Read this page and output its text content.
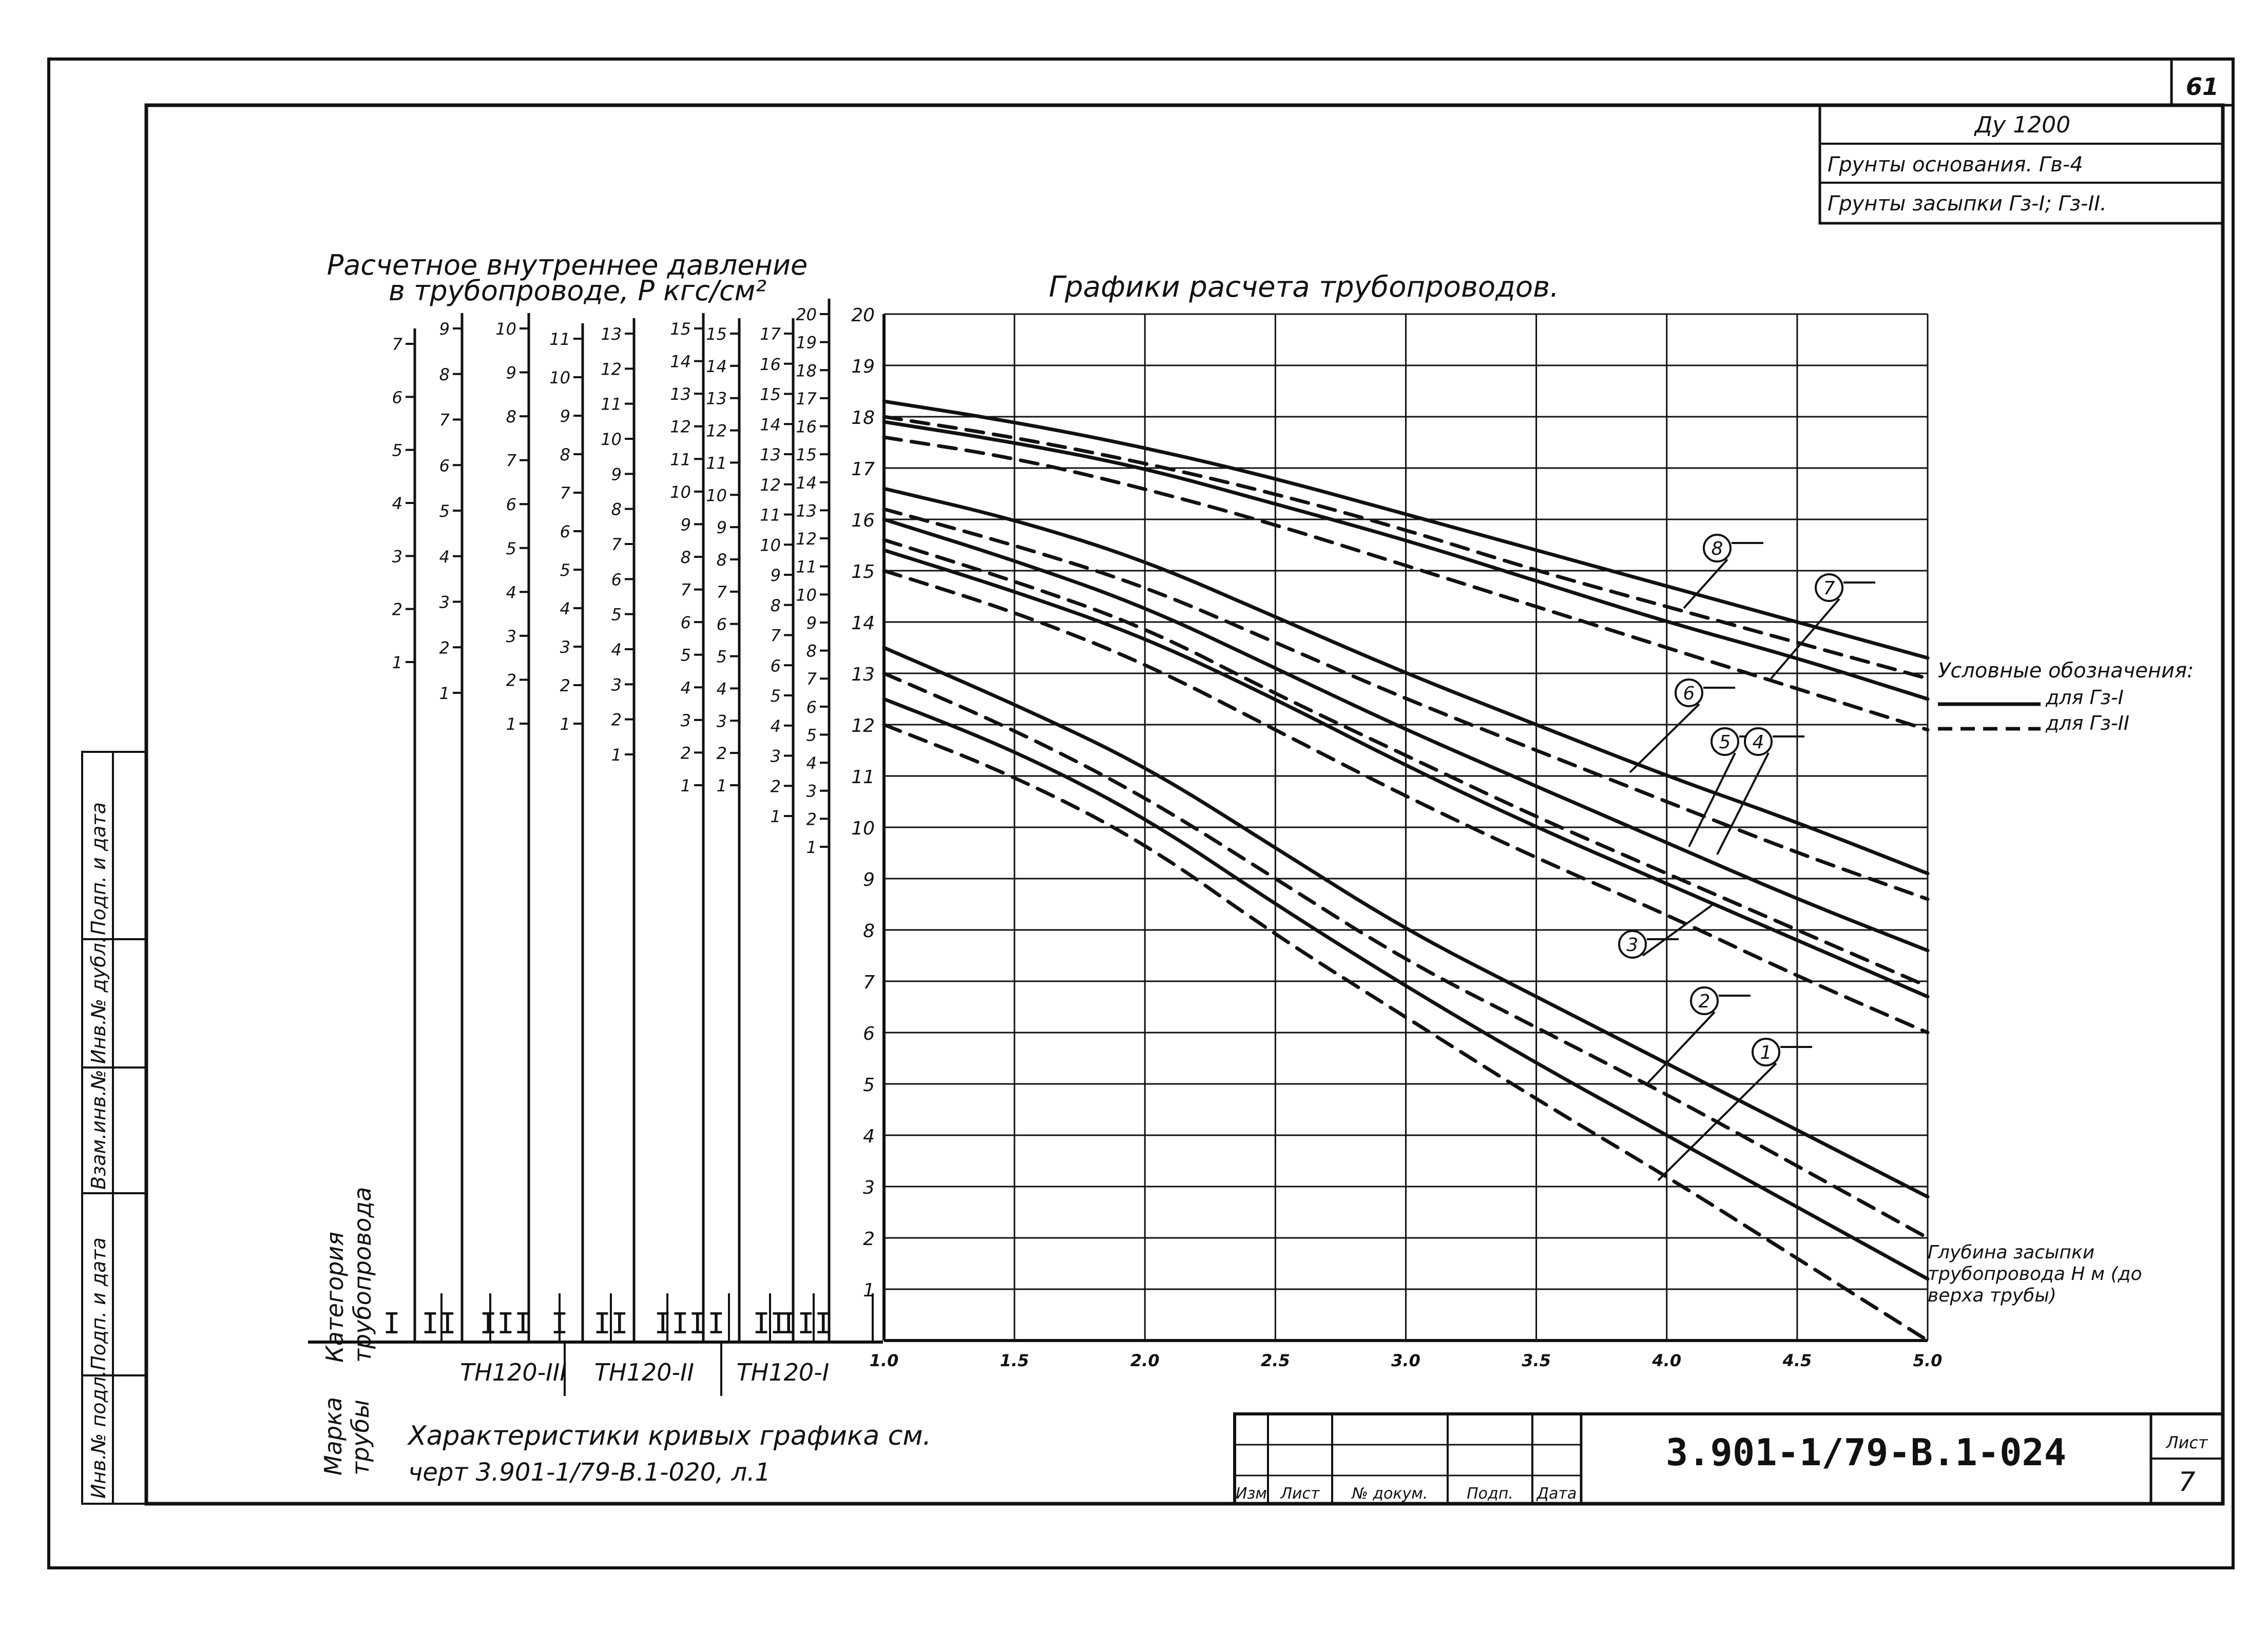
61
Ду 1200
Грунты основания. Гв-4
Грунты засыпки Гз-I; Гз-II.
Инв.№ подл.
Подп. и дата
Взам.инв.№
Инв.№ дубл.
Подп. и дата
Расчетное внутреннее давление
в трубопроводе, P кгс/cм²
Категория трубопровода
Марка трубы
1
2
3
4
5
6
7
I
1
2
3
4
5
6
7
8
9
II
1
2
3
4
5
6
7
8
9
10
III
1
2
3
4
5
6
7
8
9
10
11
I
1
2
3
4
5
6
7
8
9
10
11
12
13
II
1
2
3
4
5
6
7
8
9
10
11
12
13
14
15
III
1
2
3
4
5
6
7
8
9
10
11
12
13
14
15
I
1
2
3
4
5
6
7
8
9
10
11
12
13
14
15
16
17
II
1
2
3
4
5
6
7
8
9
10
11
12
13
14
15
16
17
18
19
20
III
ТН120-III ТН120-II ТН120-I
Характеристики кривых графика см.
черт 3.901-1/79-В.1-020, л.1
Графики расчета трубопроводов.
1
2
3
4
5
6
7
8
9
10
11
12
13
14
15
16
17
18
19
20
1.0	1.5	2.0	2.5	3.0	3.5	4.0	4.5	5.0
8
7
6
5 4
3
2
1
Условные обозначения:
для Гз-I
для Гз-II
Глубина засыпки трубопровода Н м (до верха трубы)
Изм Лист № докум.	Подп. Дата
3.901-1/79-B.1-024	Лист
7
